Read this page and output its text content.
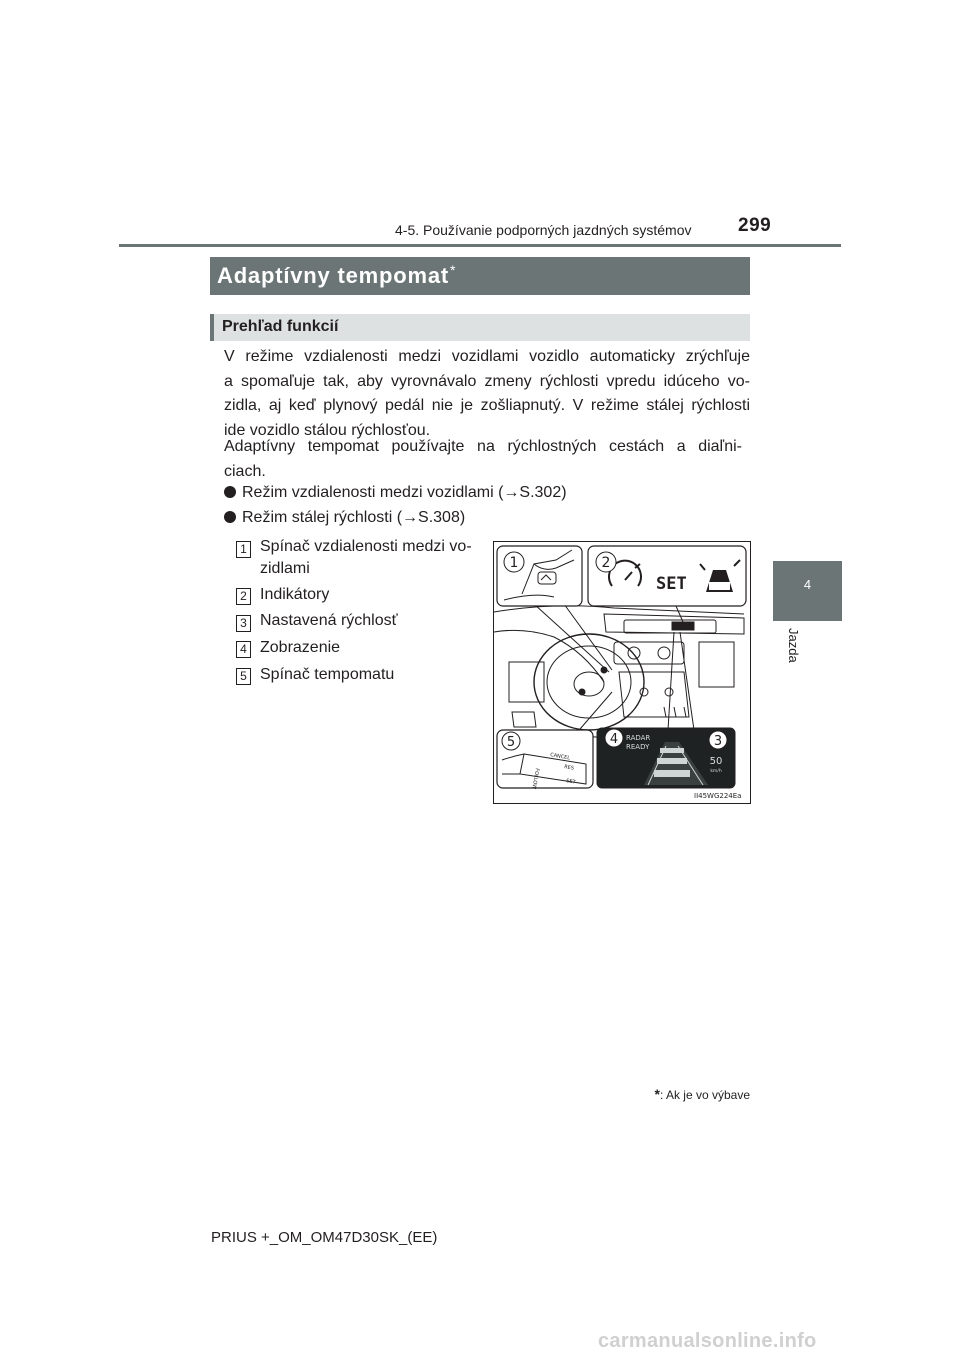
4-5. Používanie podporných jazdných systémov 299
4
Jazda
Adaptívny tempomat*
Prehľad funkcií
V režime vzdialenosti medzi vozidlami vozidlo automaticky zrýchľuje
a spomaľuje tak, aby vyrovnávalo zmeny rýchlosti vpredu idúceho vo-
zidla, aj keď plynový pedál nie je zošliapnutý. V režime stálej rýchlosti
ide vozidlo stálou rýchlosťou.
Adaptívny tempomat používajte na rýchlostných cestách a diaľni-
ciach.
Režim vzdialenosti medzi vozidlami (→S.302)
Režim stálej rýchlosti (→S.308)
1 Spínač vzdialenosti medzi vo-
zidlami
2 Indikátory
3 Nastavená rýchlosť
4 Zobrazenie
5 Spínač tempomatu
SET
1	2
CANCEL
RES
SET
FOLLOW
5	RADAR
READY
50
km/h
4	3
II45WG224Ea
*: Ak je vo výbave
PRIUS +_OM_OM47D30SK_(EE)
carmanualsonline.info
